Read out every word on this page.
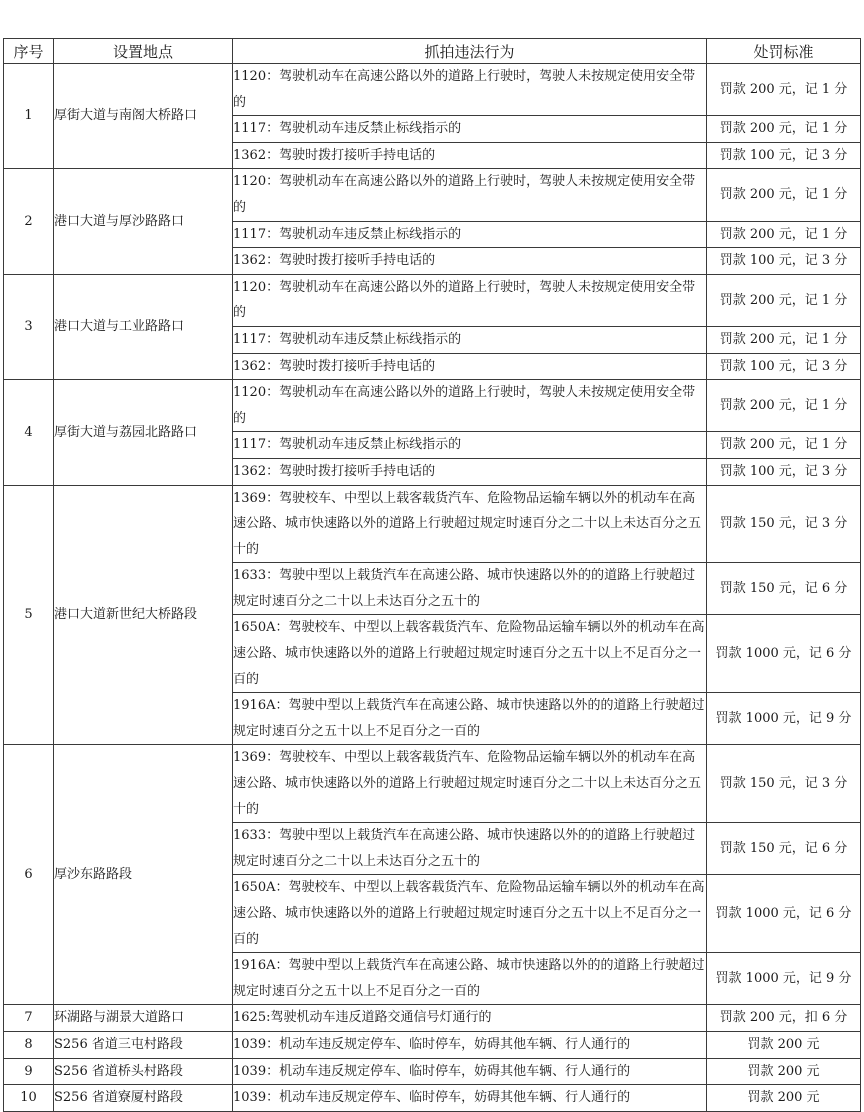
序号	设置地点	抓拍违法行为	处罚标准
1	厚街大道与南阁大桥路口	1120：驾驶机动车在高速公路以外的道路上行驶时，驾驶人未按规定使用安全带的	罚款 200 元，记 1 分
		1117：驾驶机动车违反禁止标线指示的	罚款 200 元，记 1 分
		1362：驾驶时拨打接听手持电话的	罚款 100 元，记 3 分
2	港口大道与厚沙路路口	1120：驾驶机动车在高速公路以外的道路上行驶时，驾驶人未按规定使用安全带的	罚款 200 元，记 1 分
		1117：驾驶机动车违反禁止标线指示的	罚款 200 元，记 1 分
		1362：驾驶时拨打接听手持电话的	罚款 100 元，记 3 分
3	港口大道与工业路路口	1120：驾驶机动车在高速公路以外的道路上行驶时，驾驶人未按规定使用安全带的	罚款 200 元，记 1 分
		1117：驾驶机动车违反禁止标线指示的	罚款 200 元，记 1 分
		1362：驾驶时拨打接听手持电话的	罚款 100 元，记 3 分
4	厚街大道与荔园北路路口	1120：驾驶机动车在高速公路以外的道路上行驶时，驾驶人未按规定使用安全带的	罚款 200 元，记 1 分
		1117：驾驶机动车违反禁止标线指示的	罚款 200 元，记 1 分
		1362：驾驶时拨打接听手持电话的	罚款 100 元，记 3 分
5	港口大道新世纪大桥路段	1369：驾驶校车、中型以上载客载货汽车、危险物品运输车辆以外的机动车在高速公路、城市快速路以外的道路上行驶超过规定时速百分之二十以上未达百分之五十的	罚款 150 元，记 3 分
		1633：驾驶中型以上载货汽车在高速公路、城市快速路以外的的道路上行驶超过规定时速百分之二十以上未达百分之五十的	罚款 150 元，记 6 分
		1650A：驾驶校车、中型以上载客载货汽车、危险物品运输车辆以外的机动车在高速公路、城市快速路以外的道路上行驶超过规定时速百分之五十以上不足百分之一百的	罚款 1000 元，记 6 分
		1916A：驾驶中型以上载货汽车在高速公路、城市快速路以外的的道路上行驶超过规定时速百分之五十以上不足百分之一百的	罚款 1000 元，记 9 分
6	厚沙东路路段	1369：驾驶校车、中型以上载客载货汽车、危险物品运输车辆以外的机动车在高速公路、城市快速路以外的道路上行驶超过规定时速百分之二十以上未达百分之五十的	罚款 150 元，记 3 分
		1633：驾驶中型以上载货汽车在高速公路、城市快速路以外的的道路上行驶超过规定时速百分之二十以上未达百分之五十的	罚款 150 元，记 6 分
		1650A：驾驶校车、中型以上载客载货汽车、危险物品运输车辆以外的机动车在高速公路、城市快速路以外的道路上行驶超过规定时速百分之五十以上不足百分之一百的	罚款 1000 元，记 6 分
		1916A：驾驶中型以上载货汽车在高速公路、城市快速路以外的的道路上行驶超过规定时速百分之五十以上不足百分之一百的	罚款 1000 元，记 9 分
7	环湖路与湖景大道路口	1625:驾驶机动车违反道路交通信号灯通行的	罚款 200 元，扣 6 分
8	S256 省道三屯村路段	1039：机动车违反规定停车、临时停车，妨碍其他车辆、行人通行的	罚款 200 元
9	S256 省道桥头村路段	1039：机动车违反规定停车、临时停车，妨碍其他车辆、行人通行的	罚款 200 元
10	S256 省道寮厦村路段	1039：机动车违反规定停车、临时停车，妨碍其他车辆、行人通行的	罚款 200 元
